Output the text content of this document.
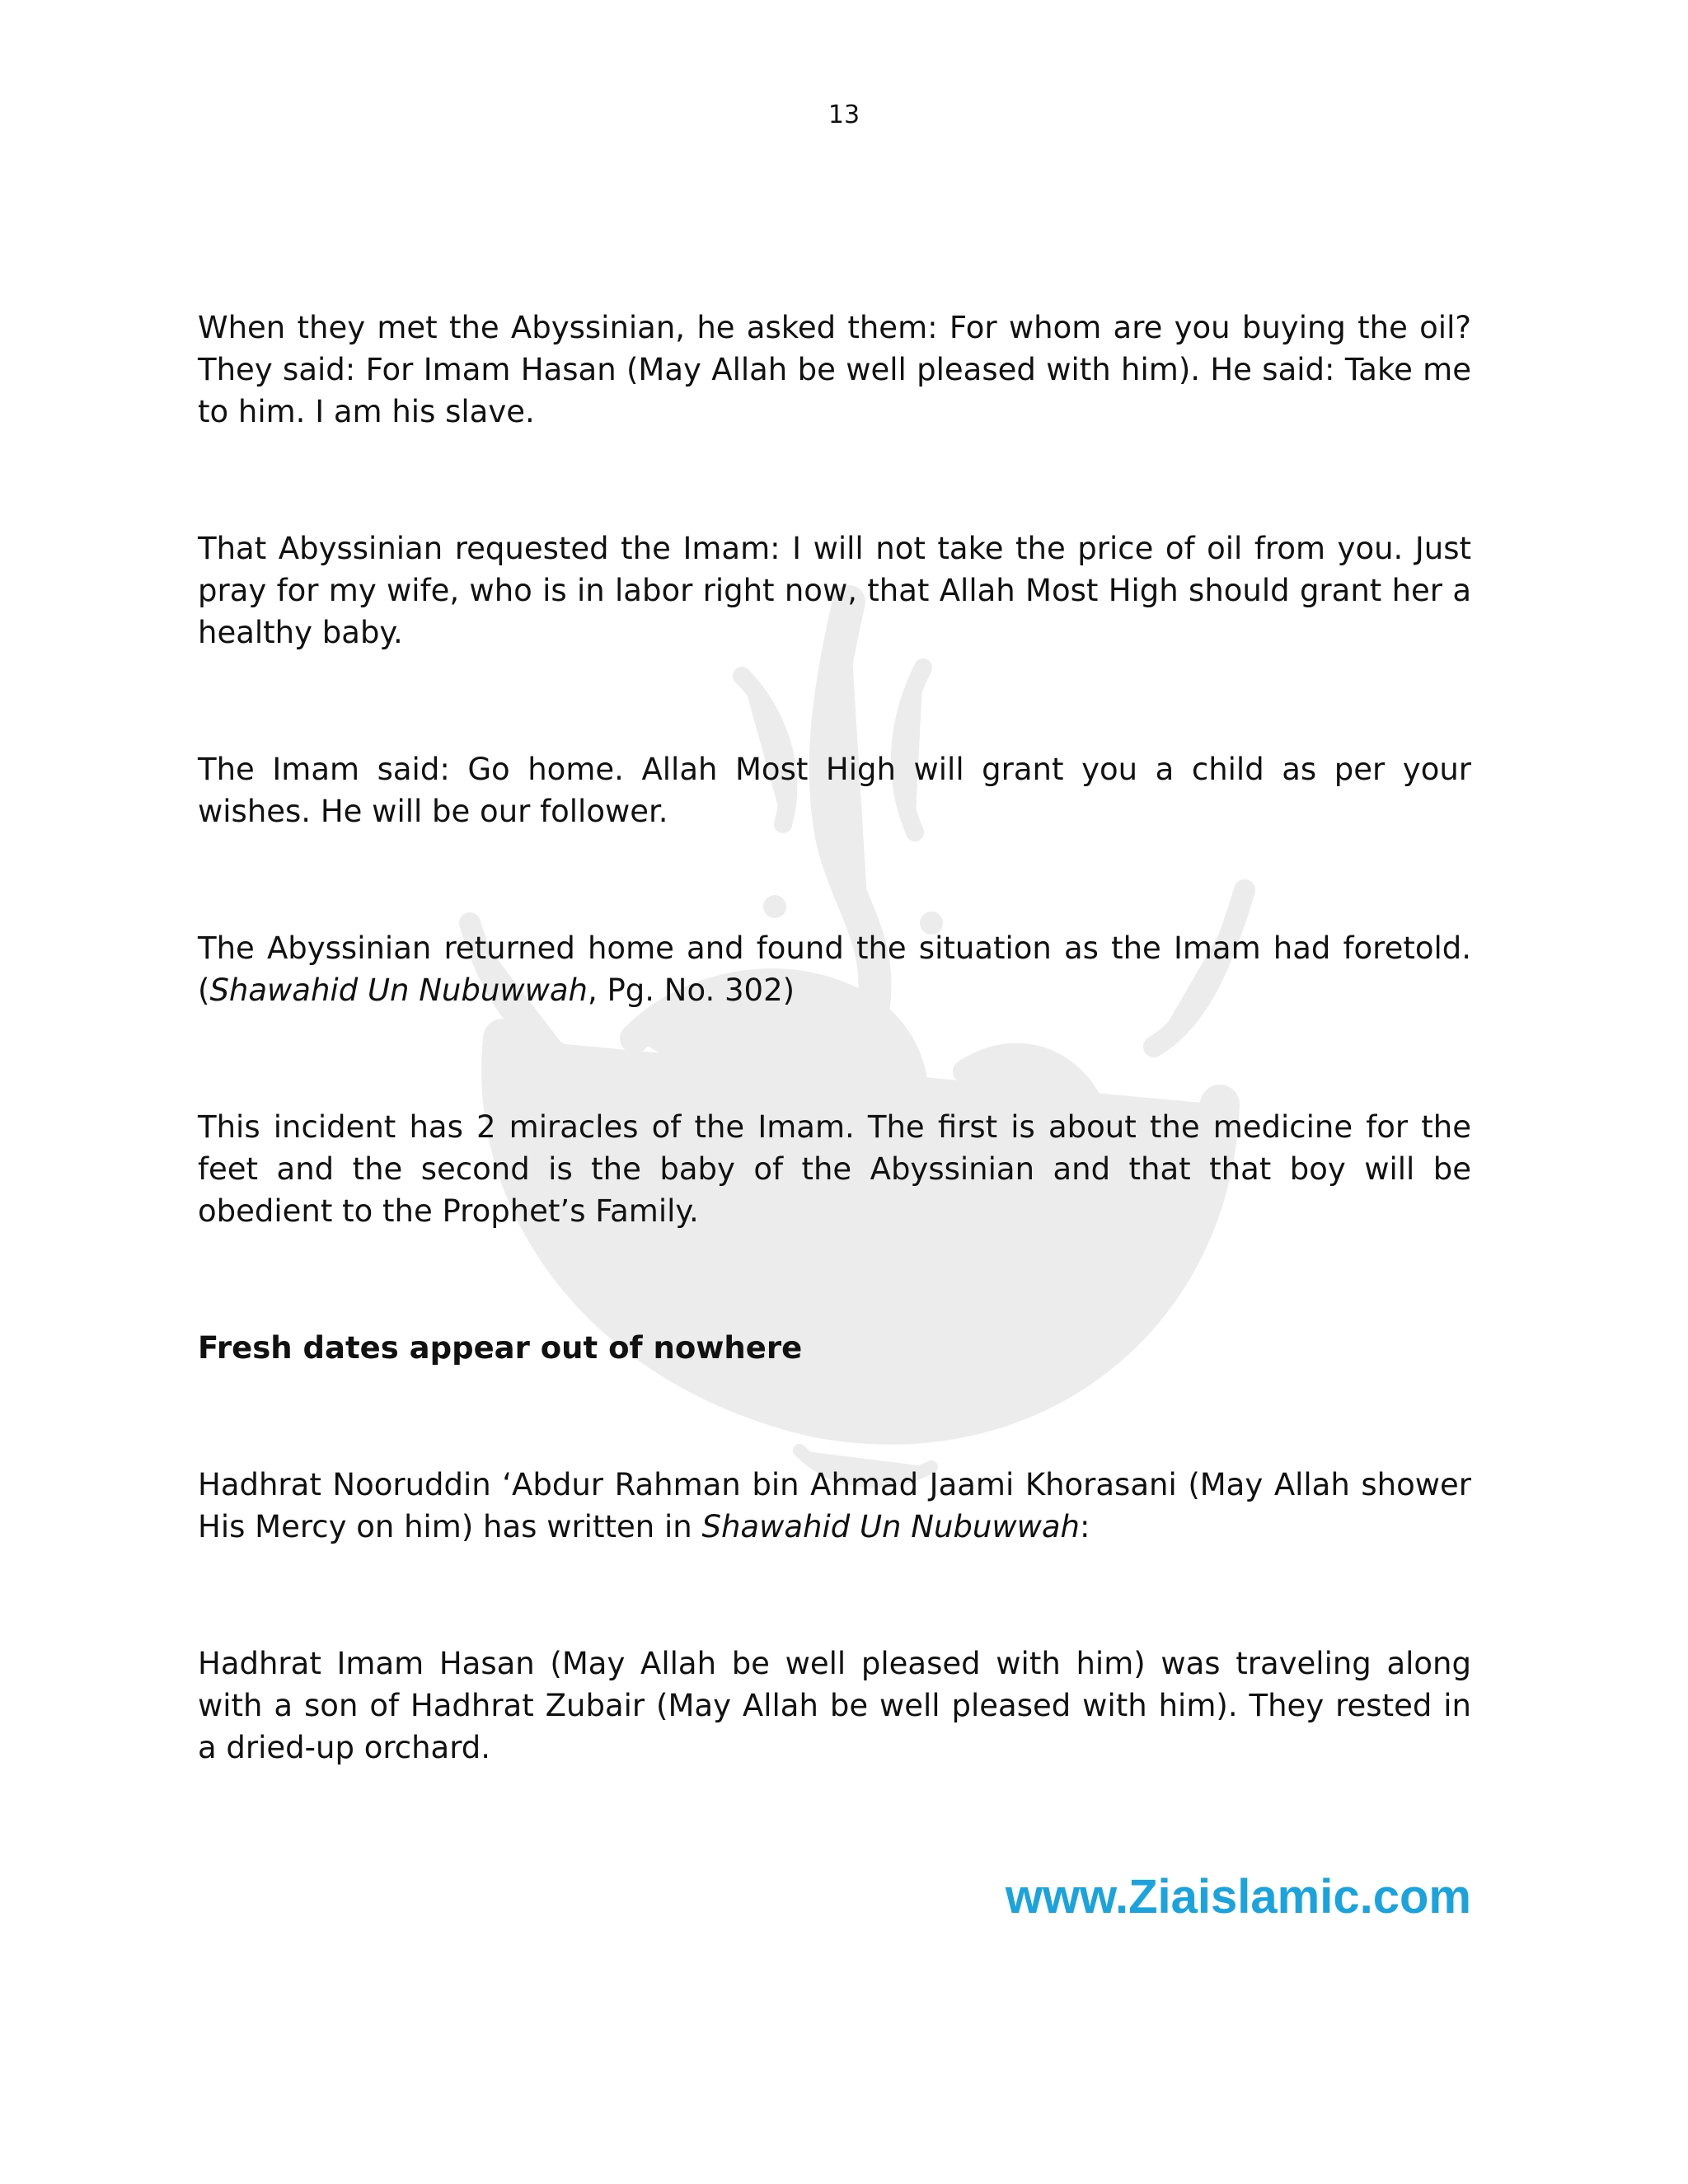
13

When they met the Abyssinian, he asked them: For whom are you buying the oil? They said: For Imam Hasan (May Allah be well pleased with him). He said: Take me to him. I am his slave.

That Abyssinian requested the Imam: I will not take the price of oil from you. Just pray for my wife, who is in labor right now, that Allah Most High should grant her a healthy baby.

The Imam said: Go home. Allah Most High will grant you a child as per your wishes. He will be our follower.

The Abyssinian returned home and found the situation as the Imam had foretold. (Shawahid Un Nubuwwah, Pg. No. 302)

This incident has 2 miracles of the Imam. The first is about the medicine for the feet and the second is the baby of the Abyssinian and that that boy will be obedient to the Prophet’s Family.

Fresh dates appear out of nowhere

Hadhrat Nooruddin ‘Abdur Rahman bin Ahmad Jaami Khorasani (May Allah shower His Mercy on him) has written in Shawahid Un Nubuwwah:

Hadhrat Imam Hasan (May Allah be well pleased with him) was traveling along with a son of Hadhrat Zubair (May Allah be well pleased with him). They rested in a dried-up orchard.

www.Ziaislamic.com
